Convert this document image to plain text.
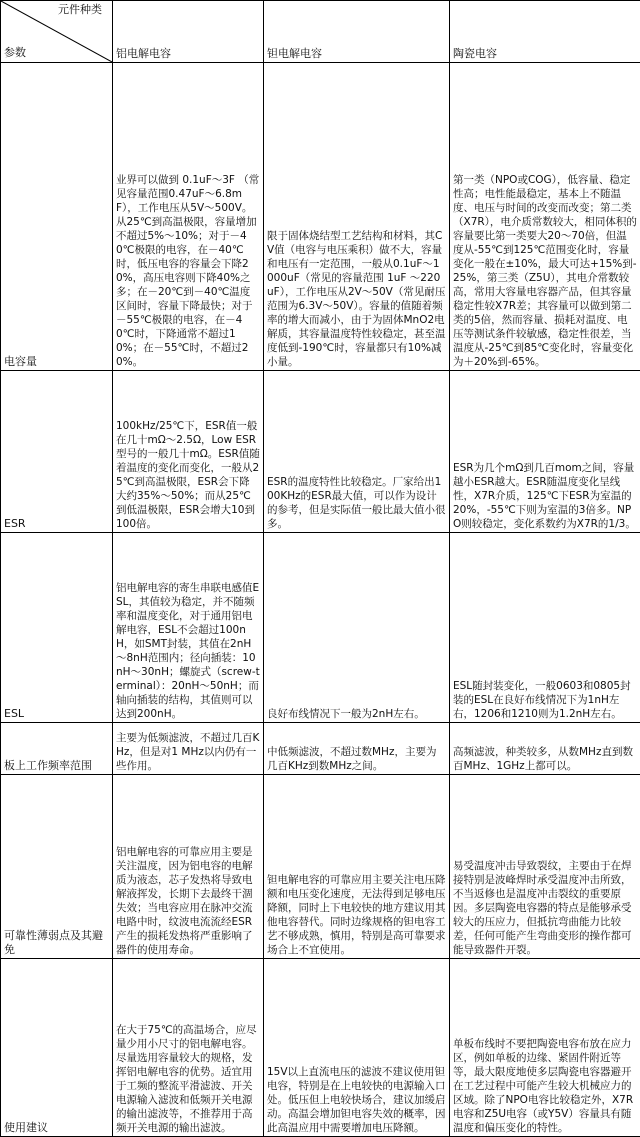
元件种类
参数	铝电解电容	钽电解电容	陶瓷电容
电容量	业界可以做到 0.1uF～3F （常见容量范围0.47uF～6.8mF），工作电压从5V～500V。从25℃到高温极限，容量增加不超过5%～10%；对于－40℃极限的电容，在－40℃时，低压电容的容量会下降20%，高压电容则下降40%之多；在－20℃到－40℃温度区间时，容量下降最快；对于－55℃极限的电容，在－40℃时，下降通常不超过10%；在－55℃时，不超过20%。	限于固体烧结型工艺结构和材料，其CV值（电容与电压乘积）做不大，容量和电压有一定范围，一般从0.1uF～1000uF（常见的容量范围 1uF ～220uF），工作电压从2V～50V（常见耐压范围为6.3V～50V）。容量的值随着频率的增大而减小，由于为固体MnO2电解质，其容量温度特性较稳定，甚至温度低到-190℃时，容量都只有10%减小量。	第一类（NPO或COG），低容量、稳定性高；电性能最稳定，基本上不随温度、电压与时间的改变而改变；第二类（X7R），电介质常数较大，相同体积的容量要比第一类要大20～70倍，但温度从-55℃到125℃范围变化时，容量变化一般在±10%，最大可达+15%到-25%，第三类（Z5U），其电介常数较高，常用大容量电容器产品，但其容量稳定性较X7R差；其容量可以做到第二类的5倍，然而容量、损耗对温度、电压等测试条件较敏感，稳定性很差，当温度从-25℃到85℃变化时，容量变化为＋20%到-65%。
ESR	100kHz/25℃下，ESR值一般在几十mΩ～2.5Ω，Low ESR型号的一般几十mΩ。ESR值随着温度的变化而变化，一般从25℃到高温极限，ESR会下降大约35%～50%；而从25℃到低温极限，ESR会增大10到100倍。	ESR的温度特性比较稳定。厂家给出100KHz的ESR最大值，可以作为设计的参考，但是实际值一般比最大值小很多。	ESR为几个mΩ到几百mom之间，容量越小ESR越大。ESR随温度变化呈线性，X7R介质，125℃下ESR为室温的20%，-55℃下则为室温的3倍多。NPO则较稳定，变化系数约为X7R的1/3。
ESL	铝电解电容的寄生串联电感值ESL，其值较为稳定，并不随频率和温度变化，对于通用铝电解电容，ESL不会超过100nH，如SMT封装，其值在2nH～8nH范围内；径向插装：10nH～30nH；螺旋式（screw-terminal）：20nH～50nH；而轴向插装的结构，其值则可以达到200nH。	良好布线情况下一般为2nH左右。	ESL随封装变化，一般0603和0805封装的ESL在良好布线情况下为1nH左右，1206和1210则为1.2nH左右。
板上工作频率范围	主要为低频滤波，不超过几百KHz，但是对1 MHz以内仍有一些作用。	中低频滤波，不超过数MHz，主要为几百KHz到数MHz之间。	高频滤波，种类较多，从数MHz直到数百MHz、1GHz上都可以。
可靠性薄弱点及其避免	铝电解电容的可靠应用主要是关注温度，因为铝电容的电解质为液态，芯子发热将导致电解液挥发，长期下去最终干涸失效；当电容应用在脉冲交流电路中时，纹波电流流经ESR产生的损耗发热将严重影响了器件的使用寿命。	钽电解电容的可靠应用主要关注电压降额和电压变化速度，无法得到足够电压降额，同时上下电较快的地方建议用其他电容替代。同时边缘规格的钽电容工艺不够成熟，慎用，特别是高可靠要求场合上不宜使用。	易受温度冲击导致裂纹，主要由于在焊接特别是波峰焊时承受温度冲击所致，不当返修也是温度冲击裂纹的重要原因。多层陶瓷电容器的特点是能够承受较大的压应力，但抵抗弯曲能力比较差，任何可能产生弯曲变形的操作都可能导致器件开裂。
使用建议	在大于75℃的高温场合，应尽量少用小尺寸的铝电解电容。尽量选用容量较大的规格，发挥铝电解电容的优势。适宜用于工频的整流平滑滤波、开关电源输入滤波和低频开关电源的输出滤波等，不推荐用于高频开关电源的输出滤波。	15V以上直流电压的滤波不建议使用钽电容，特别是在上电较快的电源输入口处。低压但上电较快场合，建议加缓启动。高温会增加钽电容失效的概率，因此高温应用中需要增加电压降额。	单板布线时不要把陶瓷电容布放在应力区，例如单板的边缘、紧固件附近等等，最大限度地使多层陶瓷电容器避开在工艺过程中可能产生较大机械应力的区域。除了NPO电容比较稳定外，X7R电容和Z5U电容（或Y5V）容量具有随温度和偏压变化的特性。
